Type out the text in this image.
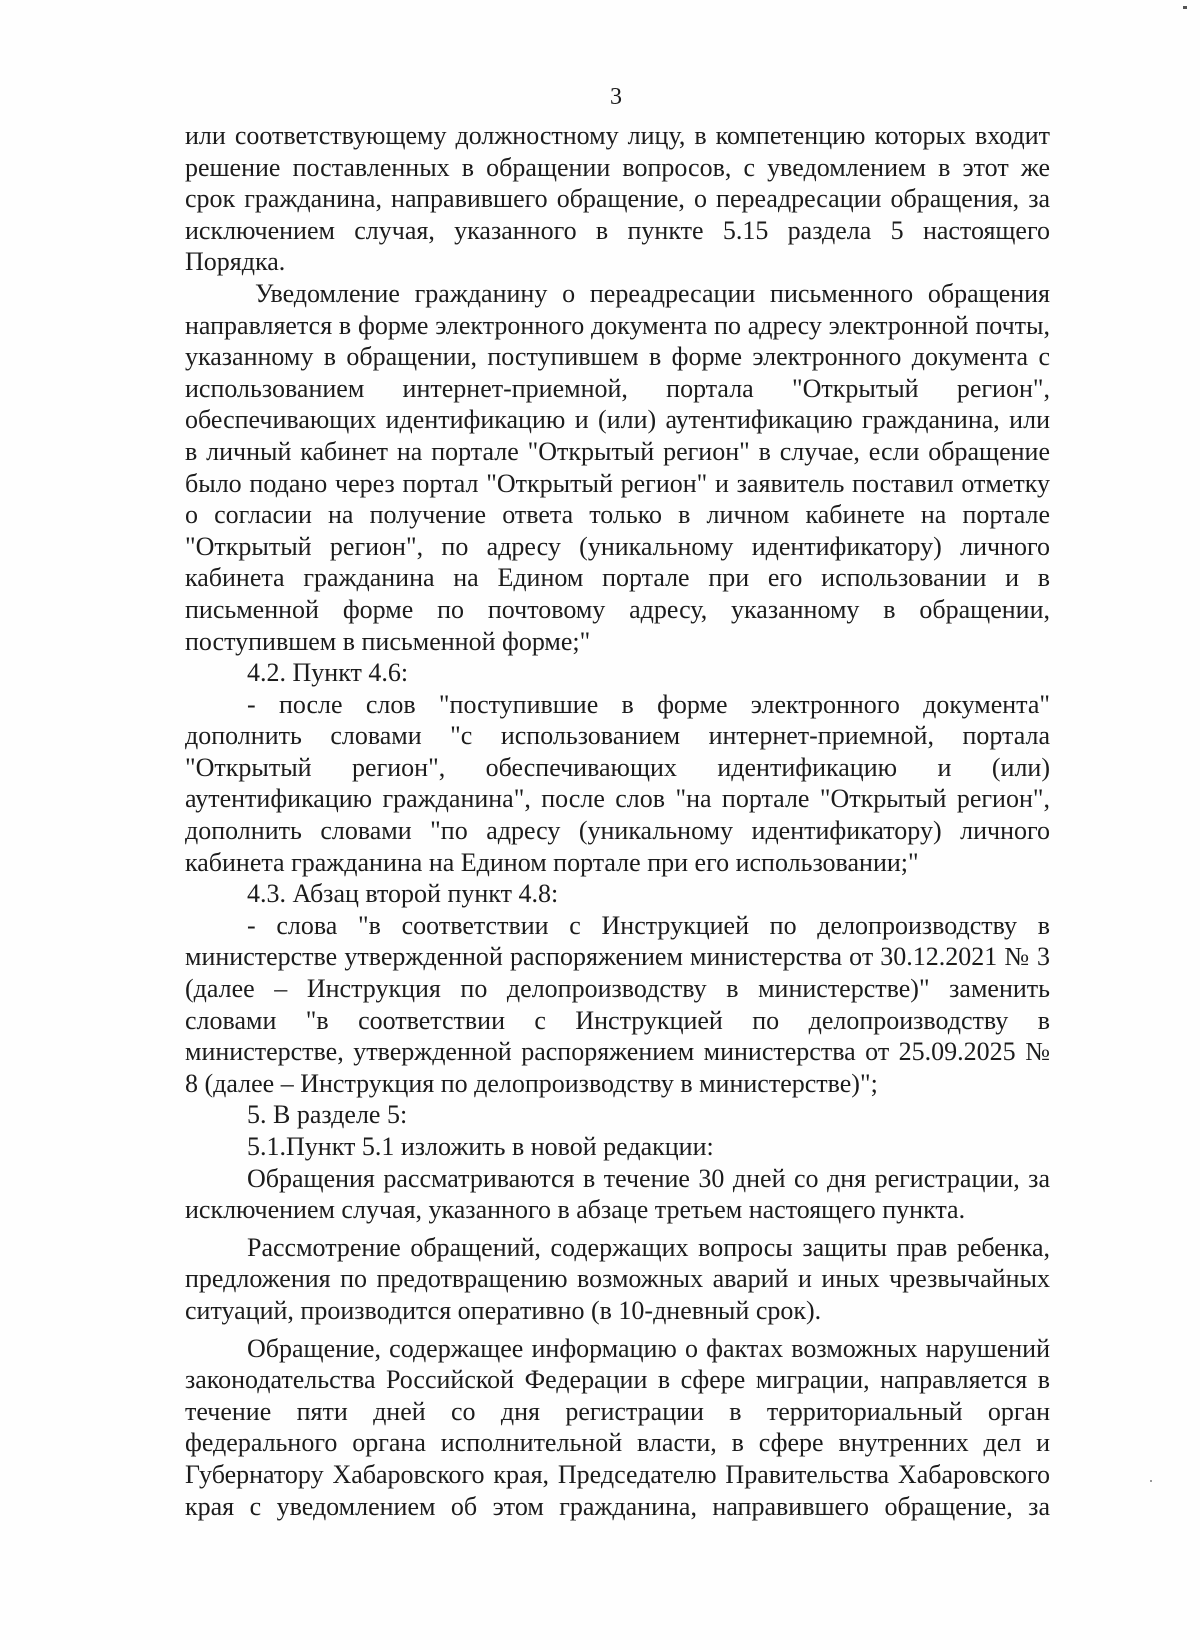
3

или соответствующему должностному лицу, в компетенцию которых входит решение поставленных в обращении вопросов, с уведомлением в этот же срок гражданина, направившего обращение, о переадресации обращения, за исключением случая, указанного в пункте 5.15 раздела 5 настоящего Порядка.

Уведомление гражданину о переадресации письменного обращения направляется в форме электронного документа по адресу электронной почты, указанному в обращении, поступившем в форме электронного документа с использованием интернет-приемной, портала "Открытый регион", обеспечивающих идентификацию и (или) аутентификацию гражданина, или в личный кабинет на портале "Открытый регион" в случае, если обращение было подано через портал "Открытый регион" и заявитель поставил отметку о согласии на получение ответа только в личном кабинете на портале "Открытый регион", по адресу (уникальному идентификатору) личного кабинета гражданина на Едином портале при его использовании и в письменной форме по почтовому адресу, указанному в обращении, поступившем в письменной форме;"

4.2. Пункт 4.6:

- после слов "поступившие в форме электронного документа" дополнить словами "с использованием интернет-приемной, портала "Открытый регион", обеспечивающих идентификацию и (или) аутентификацию гражданина", после слов "на портале "Открытый регион", дополнить словами "по адресу (уникальному идентификатору) личного кабинета гражданина на Едином портале при его использовании;"

4.3. Абзац второй пункт 4.8:

- слова "в соответствии с Инструкцией по делопроизводству в министерстве утвержденной распоряжением министерства от 30.12.2021 № 3 (далее – Инструкция по делопроизводству в министерстве)" заменить словами "в соответствии с Инструкцией по делопроизводству в министерстве, утвержденной распоряжением министерства от 25.09.2025 № 8 (далее – Инструкция по делопроизводству в министерстве)";

5. В разделе 5:

5.1.Пункт 5.1 изложить в новой редакции:

Обращения рассматриваются в течение 30 дней со дня регистрации, за исключением случая, указанного в абзаце третьем настоящего пункта.

Рассмотрение обращений, содержащих вопросы защиты прав ребенка, предложения по предотвращению возможных аварий и иных чрезвычайных ситуаций, производится оперативно (в 10-дневный срок).

Обращение, содержащее информацию о фактах возможных нарушений законодательства Российской Федерации в сфере миграции, направляется в течение пяти дней со дня регистрации в территориальный орган федерального органа исполнительной власти, в сфере внутренних дел и Губернатору Хабаровского края, Председателю Правительства Хабаровского края с уведомлением об этом гражданина, направившего обращение, за
